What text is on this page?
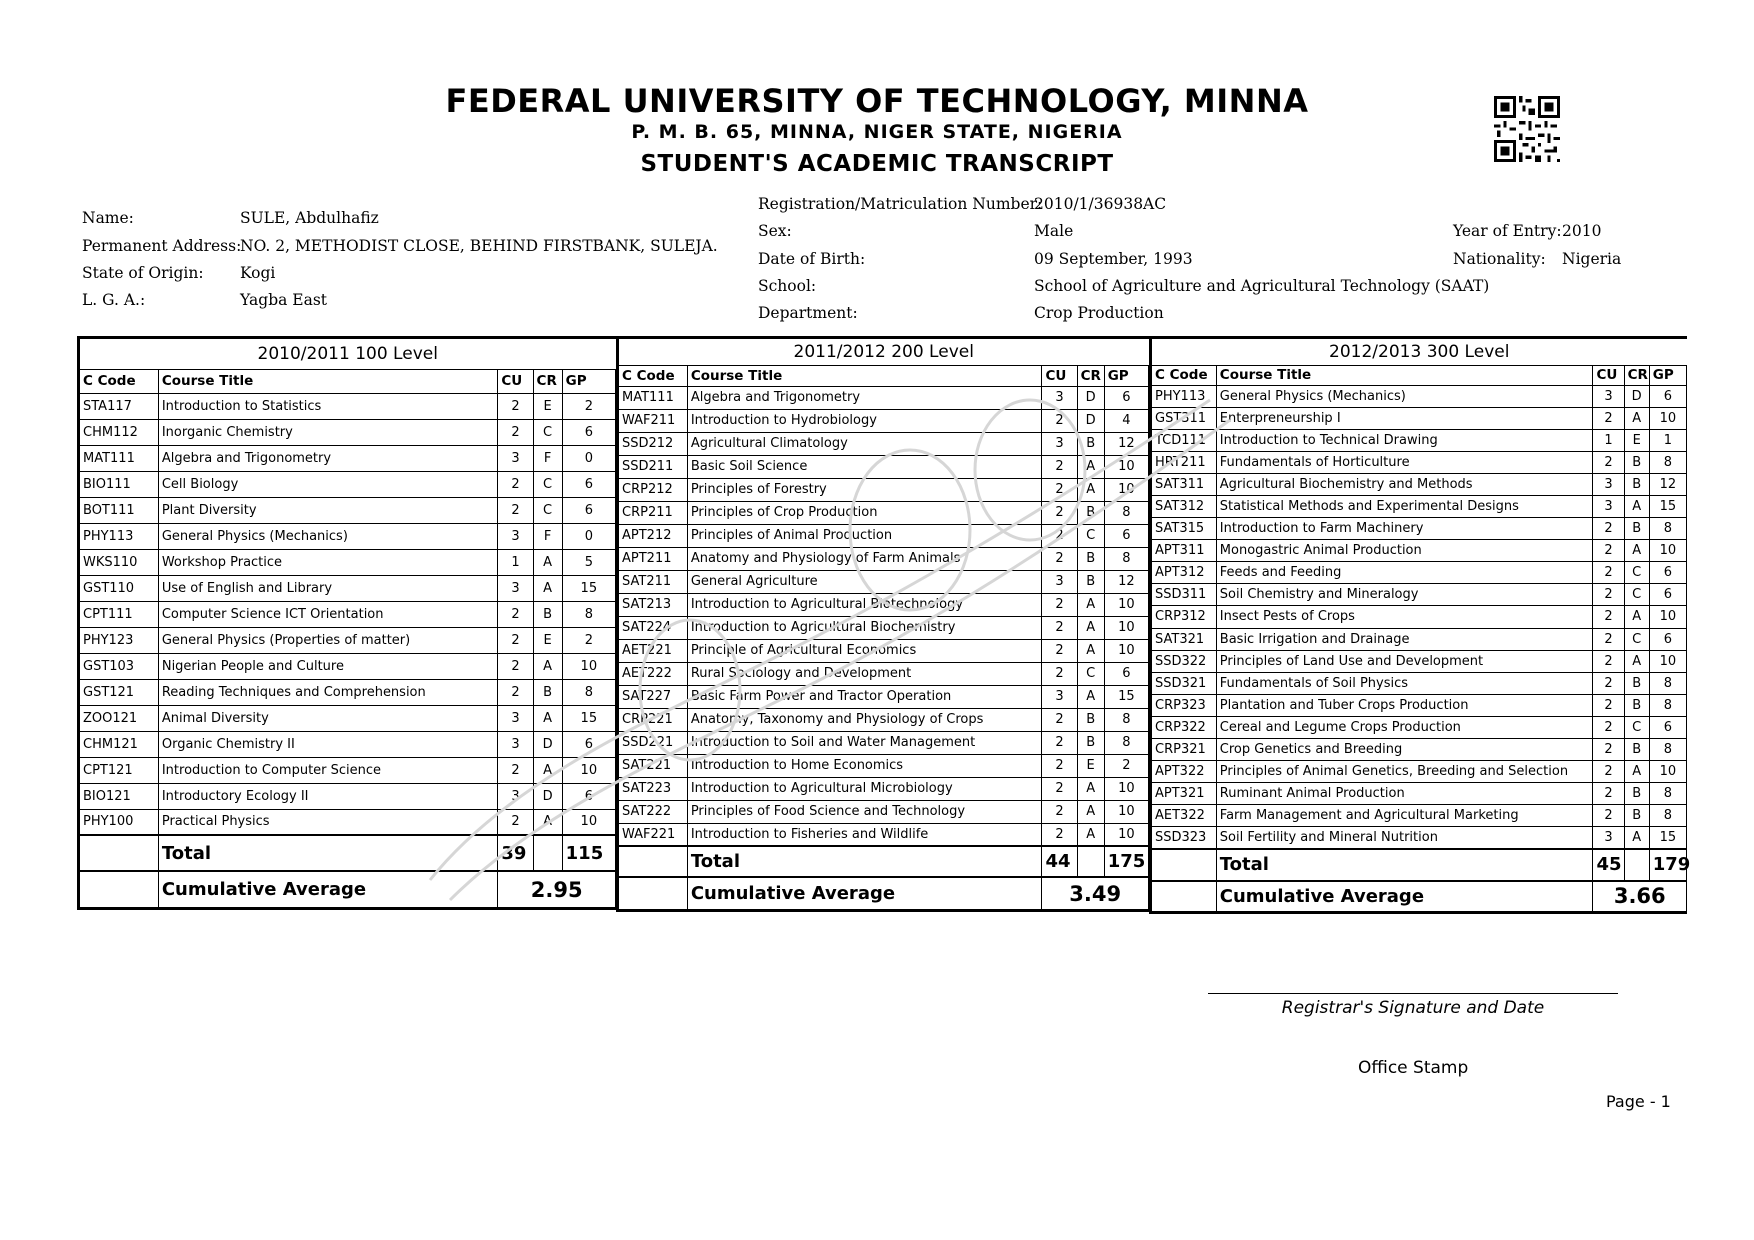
FEDERAL UNIVERSITY OF TECHNOLOGY, MINNA
P. M. B. 65, MINNA, NIGER STATE, NIGERIA
STUDENT'S ACADEMIC TRANSCRIPT
Name:	SULE, Abdulhafiz
Permanent Address:
NO. 2, METHODIST CLOSE, BEHIND FIRSTBANK, SULEJA.
State of Origin: Kogi
L. G. A.:	Yagba East
Registration/Matriculation Number:
2010/1/36938AC
Sex:	Male
Date of Birth:	09 September, 1993
School:	School of Agriculture and Agricultural Technology (SAAT)
Department:	Crop Production
Year of Entry: 2010
Nationality: Nigeria
2010/2011 100 Level				
C Code	Course Title	CU	CR	GP
STA117	Introduction to Statistics	2	E	2
CHM112	Inorganic Chemistry	2	C	6
MAT111	Algebra and Trigonometry	3	F	0
BIO111	Cell Biology	2	C	6
BOT111	Plant Diversity	2	C	6
PHY113	General Physics (Mechanics)	3	F	0
WKS110	Workshop Practice	1	A	5
GST110	Use of English and Library	3	A	15
CPT111	Computer Science ICT Orientation	2	B	8
PHY123	General Physics (Properties of matter)	2	E	2
GST103	Nigerian People and Culture	2	A	10
GST121	Reading Techniques and Comprehension	2	B	8
ZOO121	Animal Diversity	3	A	15
CHM121	Organic Chemistry II	3	D	6
CPT121	Introduction to Computer Science	2	A	10
BIO121	Introductory Ecology II	3	D	6
PHY100	Practical Physics	2	A	10
	Total	39		115
	Cumulative Average	2.95		
2011/2012 200 Level				
C Code	Course Title	CU	CR	GP
MAT111	Algebra and Trigonometry	3	D	6
WAF211	Introduction to Hydrobiology	2	D	4
SSD212	Agricultural Climatology	3	B	12
SSD211	Basic Soil Science	2	A	10
CRP212	Principles of Forestry	2	A	10
CRP211	Principles of Crop Production	2	B	8
APT212	Principles of Animal Production	2	C	6
APT211	Anatomy and Physiology of Farm Animals	2	B	8
SAT211	General Agriculture	3	B	12
SAT213	Introduction to Agricultural Biotechnology	2	A	10
SAT224	Introduction to Agricultural Biochemistry	2	A	10
AET221	Principle of Agricultural Economics	2	A	10
AET222	Rural Sociology and Development	2	C	6
SAT227	Basic Farm Power and Tractor Operation	3	A	15
CRP221	Anatomy, Taxonomy and Physiology of Crops	2	B	8
SSD221	Introduction to Soil and Water Management	2	B	8
SAT221	Introduction to Home Economics	2	E	2
SAT223	Introduction to Agricultural Microbiology	2	A	10
SAT222	Principles of Food Science and Technology	2	A	10
WAF221	Introduction to Fisheries and Wildlife	2	A	10
	Total	44		175
	Cumulative Average	3.49		
2012/2013 300 Level				
C Code	Course Title	CU	CR	GP
PHY113	General Physics (Mechanics)	3	D	6
GST311	Enterpreneurship I	2	A	10
TCD111	Introduction to Technical Drawing	1	E	1
HRT211	Fundamentals of Horticulture	2	B	8
SAT311	Agricultural Biochemistry and Methods	3	B	12
SAT312	Statistical Methods and Experimental Designs	3	A	15
SAT315	Introduction to Farm Machinery	2	B	8
APT311	Monogastric Animal Production	2	A	10
APT312	Feeds and Feeding	2	C	6
SSD311	Soil Chemistry and Mineralogy	2	C	6
CRP312	Insect Pests of Crops	2	A	10
SAT321	Basic Irrigation and Drainage	2	C	6
SSD322	Principles of Land Use and Development	2	A	10
SSD321	Fundamentals of Soil Physics	2	B	8
CRP323	Plantation and Tuber Crops Production	2	B	8
CRP322	Cereal and Legume Crops Production	2	C	6
CRP321	Crop Genetics and Breeding	2	B	8
APT322	Principles of Animal Genetics, Breeding and Selection	2	A	10
APT321	Ruminant Animal Production	2	B	8
AET322	Farm Management and Agricultural Marketing	2	B	8
SSD323	Soil Fertility and Mineral Nutrition	3	A	15
	Total	45		179
	Cumulative Average	3.66		
Registrar's Signature and Date
Office Stamp
Page - 1
